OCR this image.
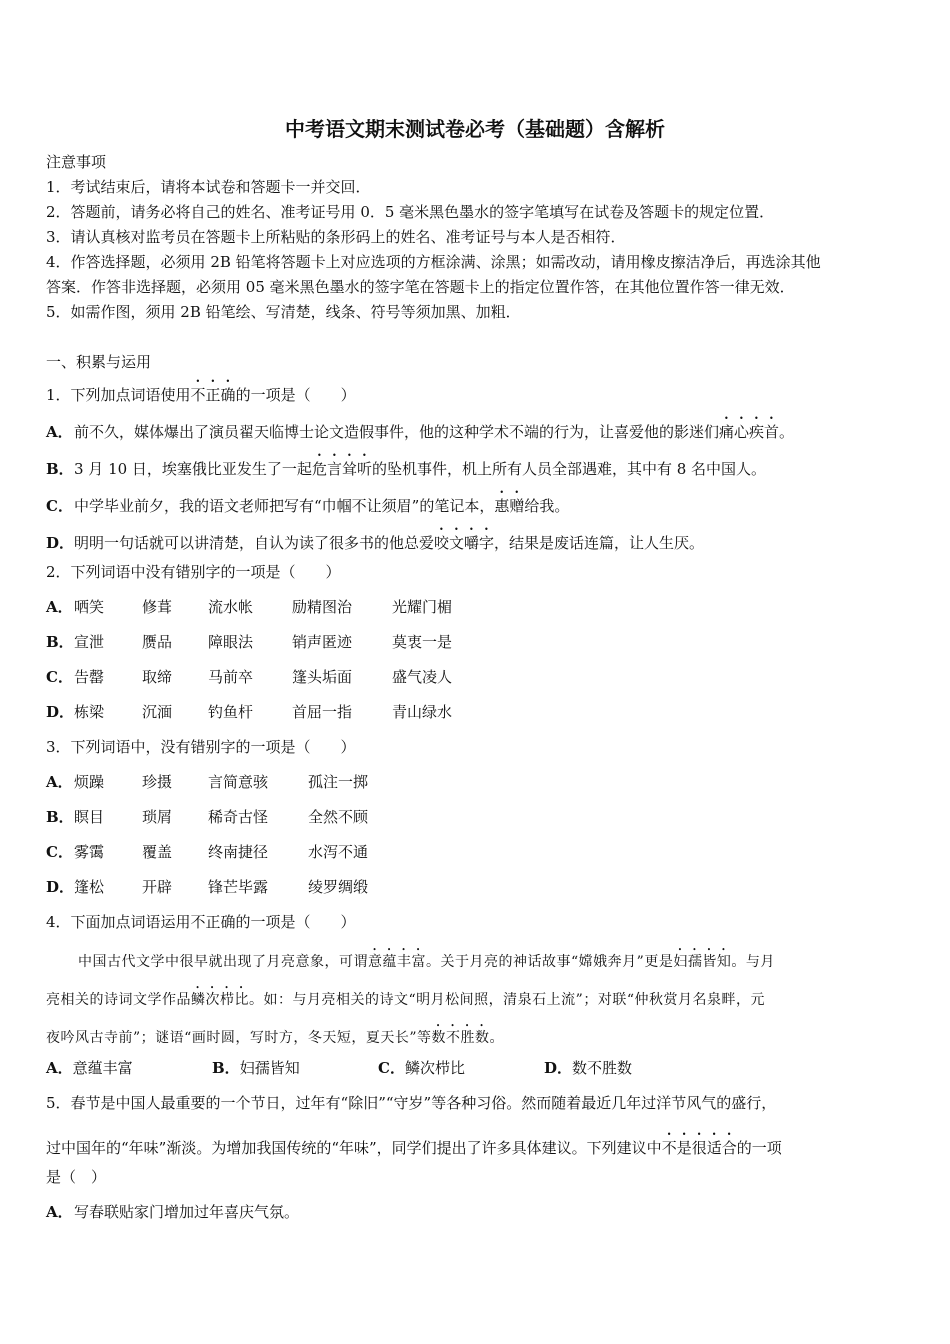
中考语文期末测试卷必考（基础题）含解析
注意事项
1．考试结束后，请将本试卷和答题卡一并交回．
2．答题前，请务必将自己的姓名、准考证号用 0．5 毫米黑色墨水的签字笔填写在试卷及答题卡的规定位置．
3．请认真核对监考员在答题卡上所粘贴的条形码上的姓名、准考证号与本人是否相符．
4．作答选择题，必须用 2B 铅笔将答题卡上对应选项的方框涂满、涂黑；如需改动，请用橡皮擦洁净后，再选涂其他
答案．作答非选择题，必须用 05 毫米黑色墨水的签字笔在答题卡上的指定位置作答，在其他位置作答一律无效．
5．如需作图，须用 2B 铅笔绘、写清楚，线条、符号等须加黑、加粗．
一、积累与运用
1．下列加点词语使用不正确的一项是（　　）
A．前不久，媒体爆出了演员翟天临博士论文造假事件，他的这种学术不端的行为，让喜爱他的影迷们痛心疾首。
B．3 月 10 日，埃塞俄比亚发生了一起危言耸听的坠机事件，机上所有人员全部遇难，其中有 8 名中国人。
C．中学毕业前夕，我的语文老师把写有“巾帼不让须眉”的笔记本，惠赠给我。
D．明明一句话就可以讲清楚，自认为读了很多书的他总爱咬文嚼字，结果是废话连篇，让人生厌。
2．下列词语中没有错别字的一项是（　　）
A． 哂笑	修葺 流水帐	励精图治	光耀门楣
B． 宣泄	赝品 障眼法	销声匿迹	莫衷一是
C． 告罄	取缔 马前卒	篷头垢面	盛气凌人
D． 栋梁	沉湎 钓鱼杆	首屈一指	青山绿水
3．下列词语中，没有错别字的一项是（　　）
A． 烦躁	珍摄 言简意骇	孤注一掷
B． 瞑目	琐屑 稀奇古怪	全然不顾
C． 雾霭	覆盖 终南捷径	水泻不通
D． 篷松	开辟 锋芒毕露	绫罗绸缎
4．下面加点词语运用不正确的一项是（　　）
中国古代文学中很早就出现了月亮意象，可谓意蕴丰富。关于月亮的神话故事“嫦娥奔月”更是妇孺皆知。与月
亮相关的诗词文学作品鳞次栉比。如：与月亮相关的诗文“明月松间照，清泉石上流”；对联“仲秋赏月名泉畔，元
夜吟风古寺前”；谜语“画时圆，写时方，冬天短，夏天长”等数不胜数。
A．意蕴丰富	B．妇孺皆知	C．鳞次栉比	D．数不胜数
5．春节是中国人最重要的一个节日，过年有“除旧”“守岁”等各种习俗。然而随着最近几年过洋节风气的盛行，
过中国年的“年味”渐淡。为增加我国传统的“年味”，同学们提出了许多具体建议。下列建议中不是很适合的一项
是（　）
A．写春联贴家门增加过年喜庆气氛。
